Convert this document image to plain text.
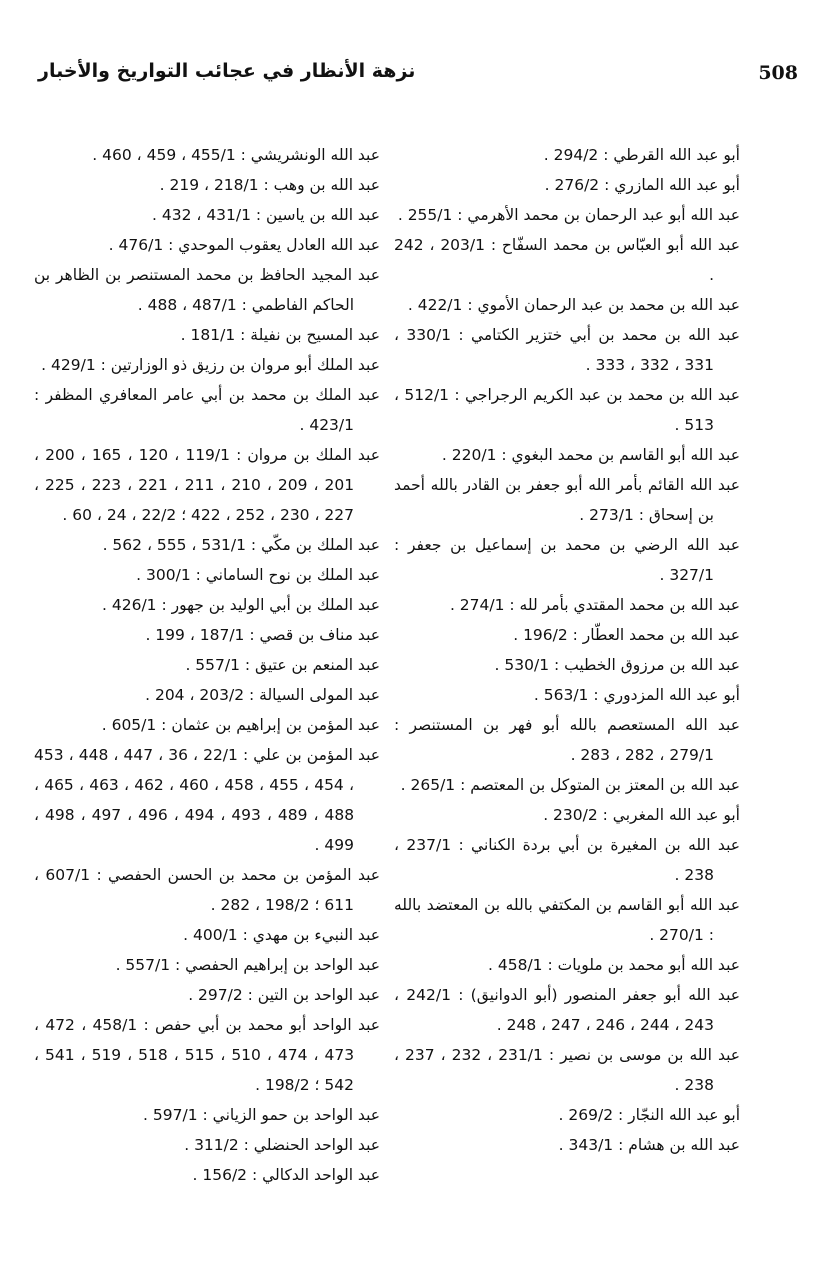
نزهة الأنظار في عجائب التواريخ والأخبار	508
أبو عبد الله القرطي : 294/2 .
أبو عبد الله المازري : 276/2 .
عبد الله أبو عبد الرحمان بن محمد الأهرمي : 255/1 .
عبد الله أبو العبّاس بن محمد السفّاح : 203/1 ، 242 .
عبد الله بن محمد بن عبد الرحمان الأموي : 422/1 .
عبد الله بن محمد بن أبي ختزير الكتامي : 330/1 ، 331 ، 332 ، 333 .
عبد الله بن محمد بن عبد الكريم الرجراجي : 512/1 ، 513 .
عبد الله أبو القاسم بن محمد البغوي : 220/1 .
عبد الله القائم بأمر الله أبو جعفر بن القادر بالله أحمد بن إسحاق : 273/1 .
عبد الله الرضي بن محمد بن إسماعيل بن جعفر : 327/1 .
عبد الله بن محمد المقتدي بأمر لله : 274/1 .
عبد الله بن محمد العطّار : 196/2 .
عبد الله بن مرزوق الخطيب : 530/1 .
أبو عبد الله المزدوري : 563/1 .
عبد الله المستعصم بالله أبو فهر بن المستنصر : 279/1 ، 282 ، 283 .
عبد الله بن المعتز بن المتوكل بن المعتصم : 265/1 .
أبو عبد الله المغربي : 230/2 .
عبد الله بن المغيرة بن أبي بردة الكناني : 237/1 ، 238 .
عبد الله أبو القاسم بن المكتفي بالله بن المعتضد بالله : 270/1 .
عبد الله أبو محمد بن ملويات : 458/1 .
عبد الله أبو جعفر المنصور (أبو الدوانيق) : 242/1 ، 243 ، 244 ، 246 ، 247 ، 248 .
عبد الله بن موسى بن نصير : 231/1 ، 232 ، 237 ، 238 .
أبو عبد الله النجّار : 269/2 .
عبد الله بن هشام : 343/1 .
عبد الله الونشريشي : 455/1 ، 459 ، 460 .
عبد الله بن وهب : 218/1 ، 219 .
عبد الله بن ياسين : 431/1 ، 432 .
عبد الله العادل يعقوب الموحدي : 476/1 .
عبد المجيد الحافظ بن محمد المستنصر بن الظاهر بن الحاكم الفاطمي : 487/1 ، 488 .
عبد المسيح بن نفيلة : 181/1 .
عبد الملك أبو مروان بن رزيق ذو الوزارتين : 429/1 .
عبد الملك بن محمد بن أبي عامر المعافري المظفر : 423/1 .
عبد الملك بن مروان : 119/1 ، 120 ، 165 ، 200 ، 201 ، 209 ، 210 ، 211 ، 221 ، 223 ، 225 ، 227 ، 230 ، 252 ، 422 ؛ 22/2 ، 24 ، 60 .
عبد الملك بن مكّي : 531/1 ، 555 ، 562 .
عبد الملك بن نوح الساماني : 300/1 .
عبد الملك بن أبي الوليد بن جهور : 426/1 .
عبد مناف بن قصي : 187/1 ، 199 .
عبد المنعم بن عتيق : 557/1 .
عبد المولى السيالة : 203/2 ، 204 .
عبد المؤمن بن إبراهيم بن عثمان : 605/1 .
عبد المؤمن بن علي : 22/1 ، 36 ، 447 ، 448 ، 453 ، 454 ، 455 ، 458 ، 460 ، 462 ، 463 ، 465 ، 488 ، 489 ، 493 ، 494 ، 496 ، 497 ، 498 ، 499 .
عبد المؤمن بن محمد بن الحسن الحفصي : 607/1 ، 611 ؛ 198/2 ، 282 .
عبد النبيء بن مهدي : 400/1 .
عبد الواحد بن إبراهيم الحفصي : 557/1 .
عبد الواحد بن التين : 297/2 .
عبد الواحد أبو محمد بن أبي حفص : 458/1 ، 472 ، 473 ، 474 ، 510 ، 515 ، 518 ، 519 ، 541 ، 542 ؛ 198/2 .
عبد الواحد بن حمو الزياني : 597/1 .
عبد الواحد الحنضلي : 311/2 .
عبد الواحد الدكالي : 156/2 .
